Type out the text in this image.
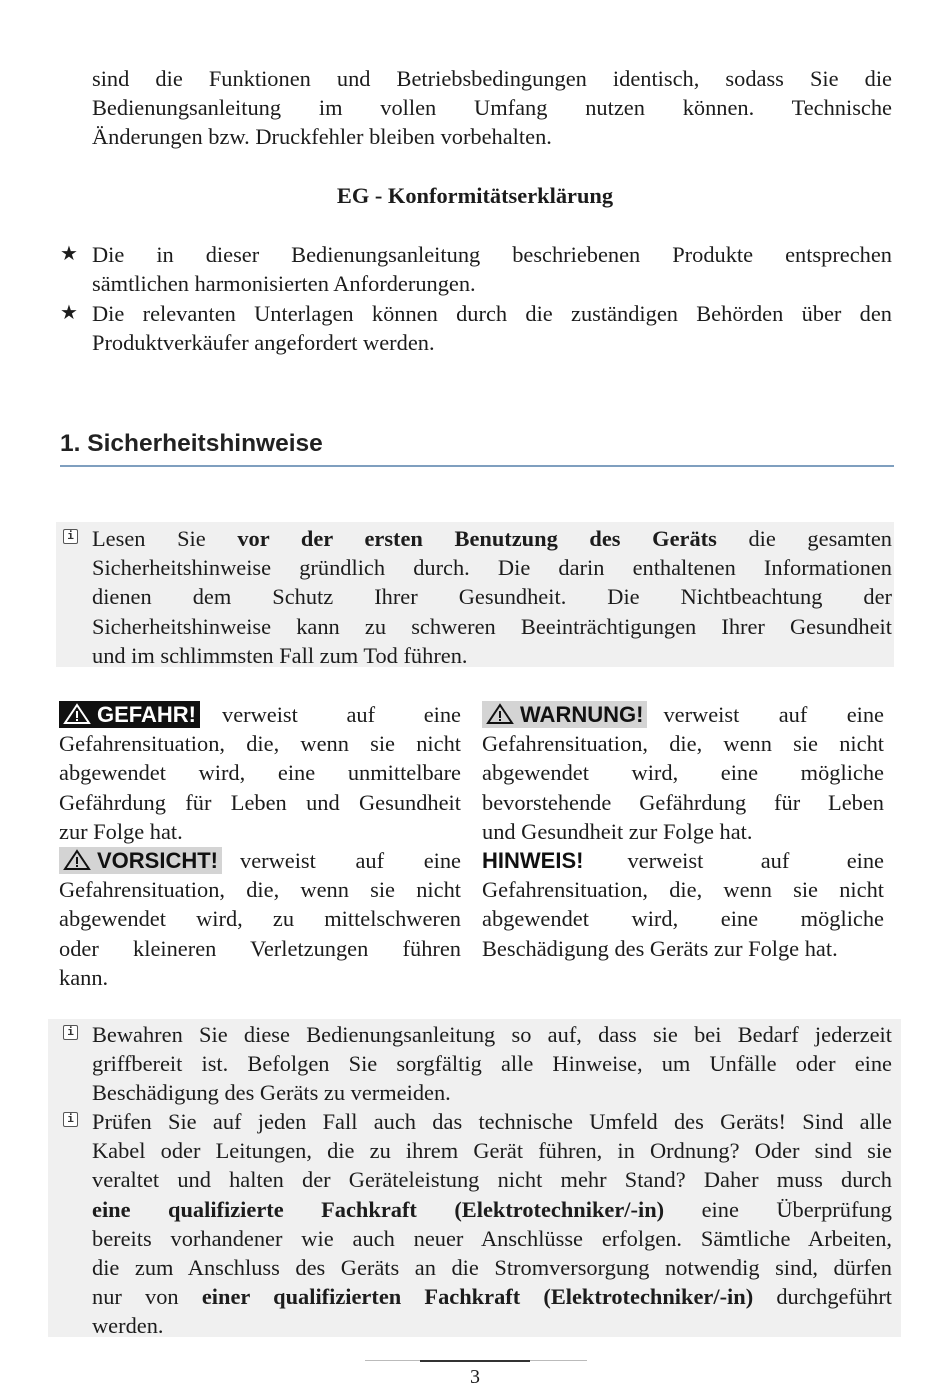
sind die Funktionen und Betriebsbedingungen identisch, sodass Sie die
Bedienungsanleitung im vollen Umfang nutzen können. Technische
Änderungen bzw. Druckfehler bleiben vorbehalten.
EG - Konformitätserklärung
★ Die in dieser Bedienungsanleitung beschriebenen Produkte entsprechen
sämtlichen harmonisierten Anforderungen.
★ Die relevanten Unterlagen können durch die zuständigen Behörden über den
Produktverkäufer angefordert werden.
1. Sicherheitshinweise
i Lesen Sie vor der ersten Benutzung des Geräts die gesamten
Sicherheitshinweise gründlich durch. Die darin enthaltenen Informationen
dienen dem Schutz Ihrer Gesundheit. Die Nichtbeachtung der
Sicherheitshinweise kann zu schweren Beeinträchtigungen Ihrer Gesundheit
und im schlimmsten Fall zum Tod führen.
GEFAHR! verweist auf eine
Gefahrensituation, die, wenn sie nicht
abgewendet wird, eine unmittelbare
Gefährdung für Leben und Gesundheit
zur Folge hat.
VORSICHT! verweist auf eine
Gefahrensituation, die, wenn sie nicht
abgewendet wird, zu mittelschweren
oder kleineren Verletzungen führen
kann.
WARNUNG! verweist auf eine
Gefahrensituation, die, wenn sie nicht
abgewendet wird, eine mögliche
bevorstehende Gefährdung für Leben
und Gesundheit zur Folge hat.
HINWEIS! verweist auf eine
Gefahrensituation, die, wenn sie nicht
abgewendet wird, eine mögliche
Beschädigung des Geräts zur Folge hat.
i
i
Bewahren Sie diese Bedienungsanleitung so auf, dass sie bei Bedarf jederzeit
griffbereit ist. Befolgen Sie sorgfältig alle Hinweise, um Unfälle oder eine
Beschädigung des Geräts zu vermeiden.
Prüfen Sie auf jeden Fall auch das technische Umfeld des Geräts! Sind alle
Kabel oder Leitungen, die zu ihrem Gerät führen, in Ordnung? Oder sind sie
veraltet und halten der Geräteleistung nicht mehr Stand? Daher muss durch
eine qualifizierte Fachkraft (Elektrotechniker/-in) eine Überprüfung
bereits vorhandener wie auch neuer Anschlüsse erfolgen. Sämtliche Arbeiten,
die zum Anschluss des Geräts an die Stromversorgung notwendig sind, dürfen
nur von einer qualifizierten Fachkraft (Elektrotechniker/-in) durchgeführt
werden.
3
